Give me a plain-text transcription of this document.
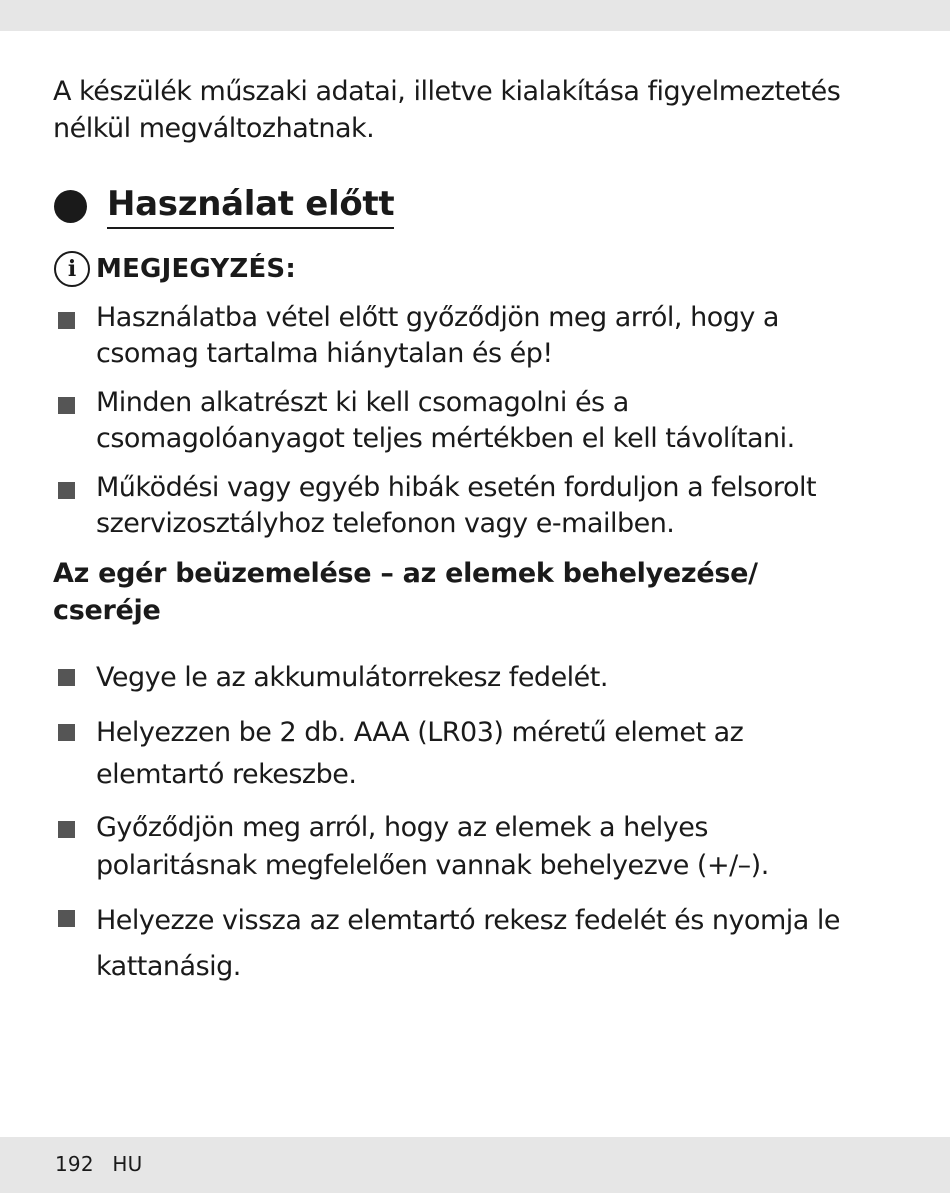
A készülék műszaki adatai, illetve kialakítása figyelmeztetés nélkül megváltozhatnak.

Használat előtt
i MEGJEGYZÉS:
Használatba vétel előtt győződjön meg arról, hogy a csomag tartalma hiánytalan és ép!
Minden alkatrészt ki kell csomagolni és a csomagolóanyagot teljes mértékben el kell távolítani.
Működési vagy egyéb hibák esetén forduljon a felsorolt szervizosztályhoz telefonon vagy e-mailben.
Az egér beüzemelése – az elemek behelyezése/ cseréje
Vegye le az akkumulátorrekesz fedelét.
Helyezzen be 2 db. AAA (LR03) méretű elemet az elemtartó rekeszbe.
Győződjön meg arról, hogy az elemek a helyes polaritásnak megfelelően vannak behelyezve (+/–).
Helyezze vissza az elemtartó rekesz fedelét és nyomja le kattanásig.
192 HU
